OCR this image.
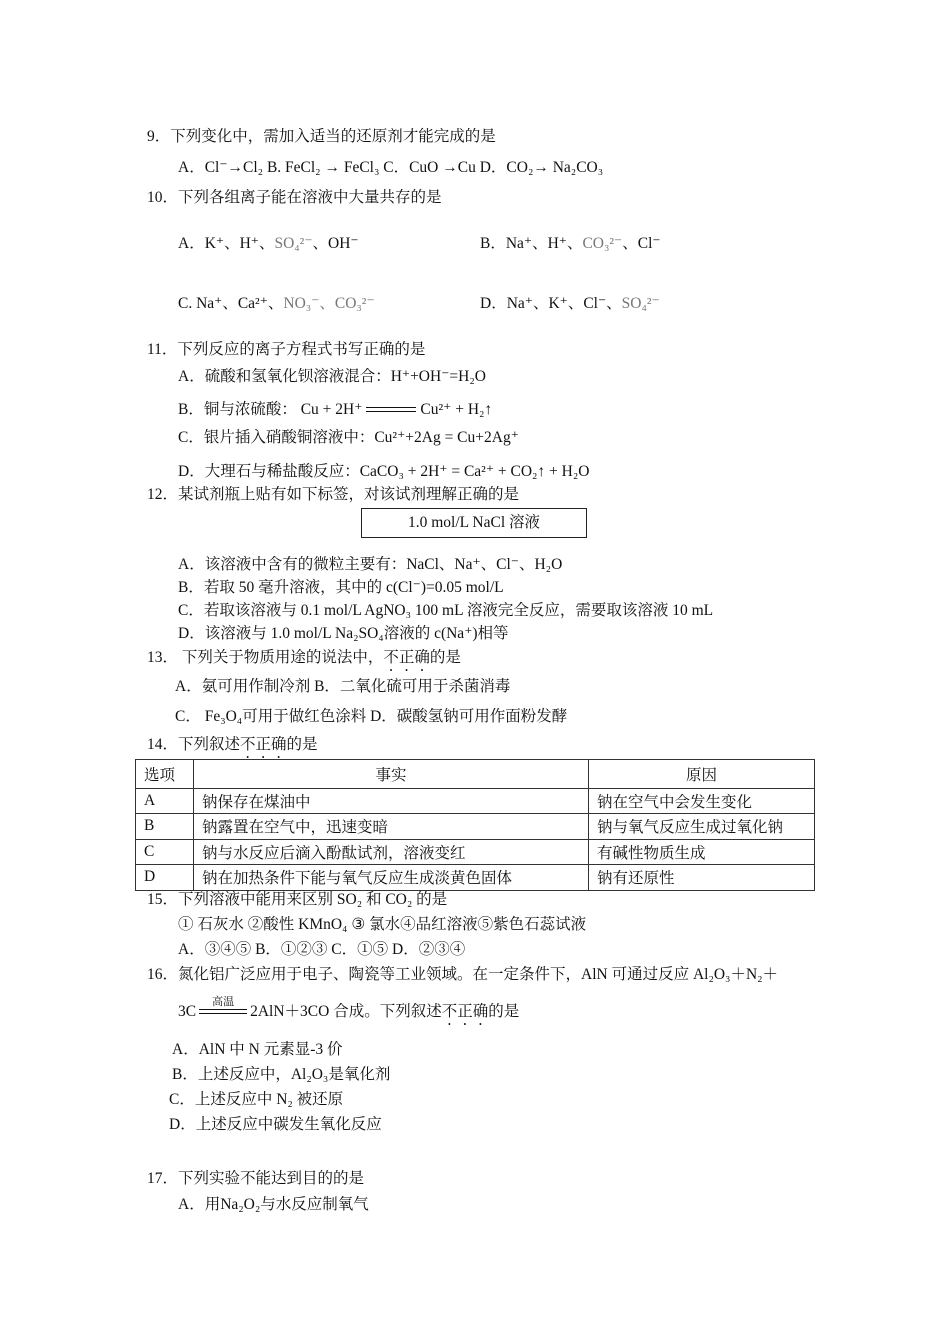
9．下列变化中，需加入适当的还原剂才能完成的是
A．Cl⁻→Cl₂ B. FeCl₂ → FeCl₃ C．CuO →Cu D．CO₂→ Na₂CO₃
10．下列各组离子能在溶液中大量共存的是
A．K⁺、H⁺、SO₄²⁻、OH⁻	B．Na⁺、H⁺、CO₃²⁻、Cl⁻
C. Na⁺、Ca²⁺、NO₃⁻、CO₃²⁻	D．Na⁺、K⁺、Cl⁻、SO₄²⁻
11．下列反应的离子方程式书写正确的是
A．硫酸和氢氧化钡溶液混合：H⁺+OH⁻=H₂O
B．铜与浓硫酸： Cu + 2H⁺	Cu²⁺ + H₂↑
C．银片插入硝酸铜溶液中：Cu²⁺+2Ag = Cu+2Ag⁺
D．大理石与稀盐酸反应：CaCO₃ + 2H⁺ = Ca²⁺ + CO₂↑ + H₂O
12．某试剂瓶上贴有如下标签，对该试剂理解正确的是
1.0 mol/L NaCl 溶液
A．该溶液中含有的微粒主要有：NaCl、Na⁺、Cl⁻、H₂O
B．若取 50 毫升溶液，其中的 c(Cl⁻)=0.05 mol/L
C．若取该溶液与 0.1 mol/L AgNO₃ 100 mL 溶液完全反应，需要取该溶液 10 mL
D．该溶液与 1.0 mol/L Na₂SO₄溶液的 c(Na⁺)相等
13． 下列关于物质用途的说法中，不正确的是
A．氨可用作制冷剂 B．二氧化硫可用于杀菌消毒
C． Fe₃O₄可用于做红色涂料 D．碳酸氢钠可用作面粉发酵
14．下列叙述不正确的是
选项	事实	原因
A	钠保存在煤油中	钠在空气中会发生变化
B	钠露置在空气中，迅速变暗	钠与氧气反应生成过氧化钠
C	钠与水反应后滴入酚酞试剂，溶液变红	有碱性物质生成
D	钠在加热条件下能与氧气反应生成淡黄色固体	钠有还原性
15．下列溶液中能用来区别 SO₂ 和 CO₂ 的是
① 石灰水 ②酸性 KMnO₄ ③ 氯水④品红溶液⑤紫色石蕊试液
A．③④⑤ B．①②③ C．①⑤ D．②③④
16．氮化铝广泛应用于电子、陶瓷等工业领域。在一定条件下，AlN 可通过反应 Al₂O₃＋N₂＋
3C
高温
2AlN＋3CO 合成。下列叙述不正确的是
A．AlN 中 N 元素显-3 价
B．上述反应中，Al₂O₃是氧化剂
C．上述反应中 N₂ 被还原
D．上述反应中碳发生氧化反应
17．下列实验不能达到目的的是
A．用Na₂O₂与水反应制氧气
